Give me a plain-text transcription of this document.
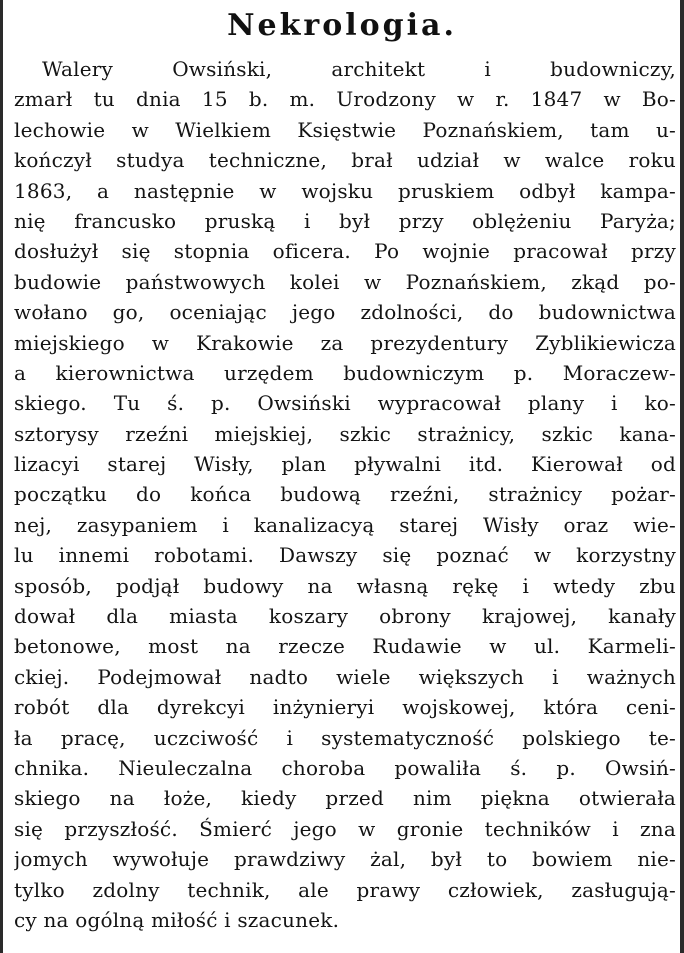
Nekrologia.
Walery Owsiński, architekt i budowniczy,
zmarł tu dnia 15 b. m. Urodzony w r. 1847 w Bo-
lechowie w Wielkiem Księstwie Poznańskiem, tam u-
kończył studya techniczne, brał udział w walce roku
1863, a następnie w wojsku pruskiem odbył kampa-
nię francusko pruską i był przy oblężeniu Paryża;
dosłużył się stopnia oficera. Po wojnie pracował przy
budowie państwowych kolei w Poznańskiem, zkąd po-
wołano go, oceniając jego zdolności, do budownictwa
miejskiego w Krakowie za prezydentury Zyblikiewicza
a kierownictwa urzędem budowniczym p. Moraczew-
skiego. Tu ś. p. Owsiński wypracował plany i ko-
sztorysy rzeźni miejskiej, szkic strażnicy, szkic kana-
lizacyi starej Wisły, plan pływalni itd. Kierował od
początku do końca budową rzeźni, strażnicy pożar-
nej, zasypaniem i kanalizacyą starej Wisły oraz wie-
lu innemi robotami. Dawszy się poznać w korzystny
sposób, podjął budowy na własną rękę i wtedy zbu
dował dla miasta koszary obrony krajowej, kanały
betonowe, most na rzecze Rudawie w ul. Karmeli-
ckiej. Podejmował nadto wiele większych i ważnych
robót dla dyrekcyi inżynieryi wojskowej, która ceni-
ła pracę, uczciwość i systematyczność polskiego te-
chnika. Nieuleczalna choroba powaliła ś. p. Owsiń-
skiego na łoże, kiedy przed nim piękna otwierała
się przyszłość. Śmierć jego w gronie techników i zna
jomych wywołuje prawdziwy żal, był to bowiem nie-
tylko zdolny technik, ale prawy człowiek, zasługują-
cy na ogólną miłość i szacunek.
